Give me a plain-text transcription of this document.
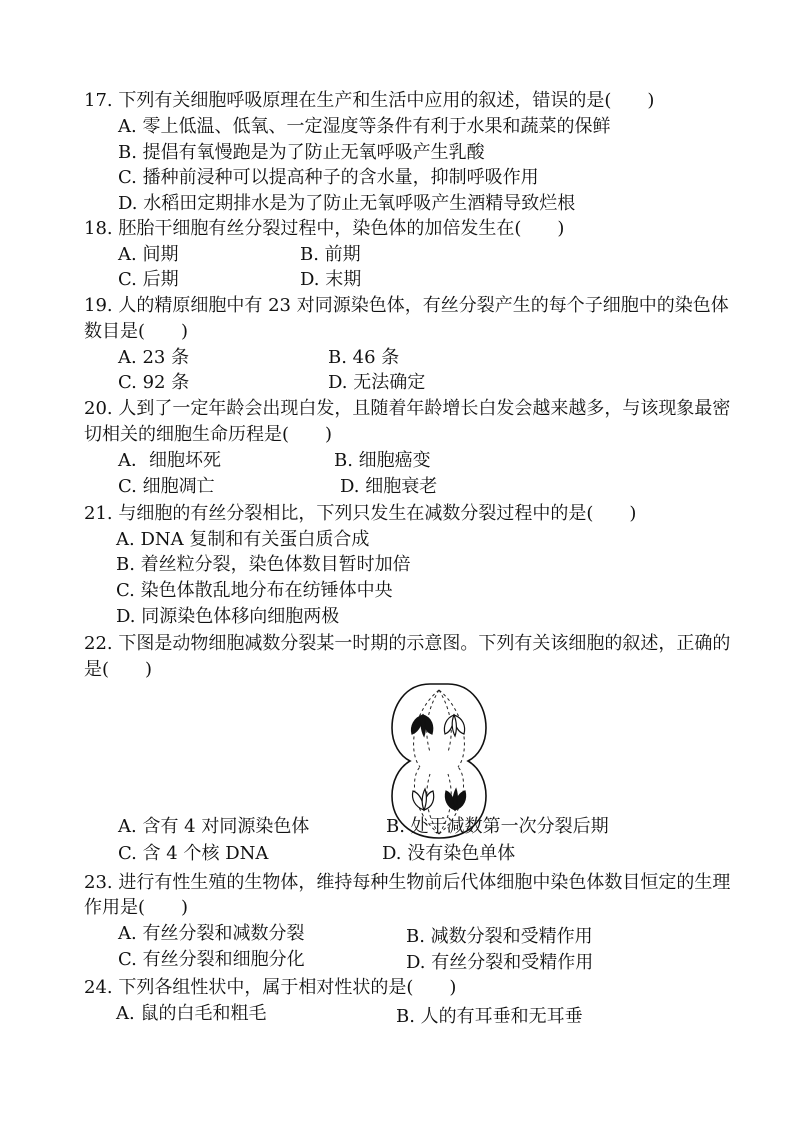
17. 下列有关细胞呼吸原理在生产和生活中应用的叙述，错误的是(　　)
A. 零上低温、低氧、一定湿度等条件有利于水果和蔬菜的保鲜
B. 提倡有氧慢跑是为了防止无氧呼吸产生乳酸
C. 播种前浸种可以提高种子的含水量，抑制呼吸作用
D. 水稻田定期排水是为了防止无氧呼吸产生酒精导致烂根
18. 胚胎干细胞有丝分裂过程中，染色体的加倍发生在(　　)
A. 间期	B. 前期
C. 后期	D. 末期
19. 人的精原细胞中有 23 对同源染色体，有丝分裂产生的每个子细胞中的染色体
数目是(　　)
A. 23 条	B. 46 条
C. 92 条	D. 无法确定
20. 人到了一定年龄会出现白发，且随着年龄增长白发会越来越多，与该现象最密
切相关的细胞生命历程是(　　)
A．细胞坏死	B. 细胞癌变
C. 细胞凋亡	D. 细胞衰老
21. 与细胞的有丝分裂相比，下列只发生在减数分裂过程中的是(　　)
A. DNA 复制和有关蛋白质合成
B. 着丝粒分裂，染色体数目暂时加倍
C. 染色体散乱地分布在纺锤体中央
D. 同源染色体移向细胞两极
22. 下图是动物细胞减数分裂某一时期的示意图。下列有关该细胞的叙述，正确的
是(　　)
A. 含有 4 对同源染色体	B. 处于减数第一次分裂后期
C. 含 4 个核 DNA	D. 没有染色单体
23. 进行有性生殖的生物体，维持每种生物前后代体细胞中染色体数目恒定的生理
作用是(　　)
A. 有丝分裂和减数分裂	B. 减数分裂和受精作用
C. 有丝分裂和细胞分化	D. 有丝分裂和受精作用
24. 下列各组性状中，属于相对性状的是(　　)
A. 鼠的白毛和粗毛	B. 人的有耳垂和无耳垂
